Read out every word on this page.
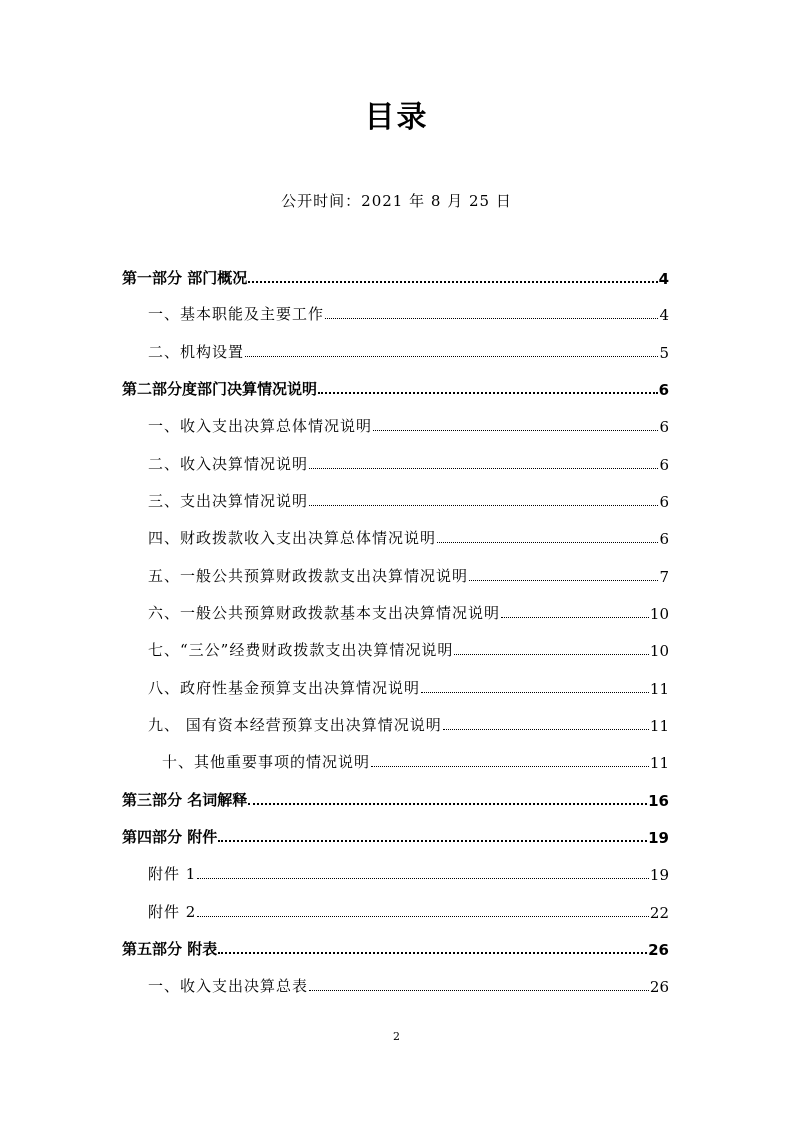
目录
公开时间：2021 年 8 月 25 日
第一部分 部门概况	4
一、基本职能及主要工作	4
二、机构设置	5
第二部分度部门决算情况说明	6
一、收入支出决算总体情况说明	6
二、收入决算情况说明	6
三、支出决算情况说明	6
四、财政拨款收入支出决算总体情况说明	6
五、一般公共预算财政拨款支出决算情况说明	7
六、一般公共预算财政拨款基本支出决算情况说明	10
七、“三公”经费财政拨款支出决算情况说明	10
八、政府性基金预算支出决算情况说明	11
九、 国有资本经营预算支出决算情况说明	11
十、其他重要事项的情况说明	11
第三部分 名词解释	16
第四部分 附件	19
附件 1	19
附件 2	22
第五部分 附表	26
一、收入支出决算总表	26
2
